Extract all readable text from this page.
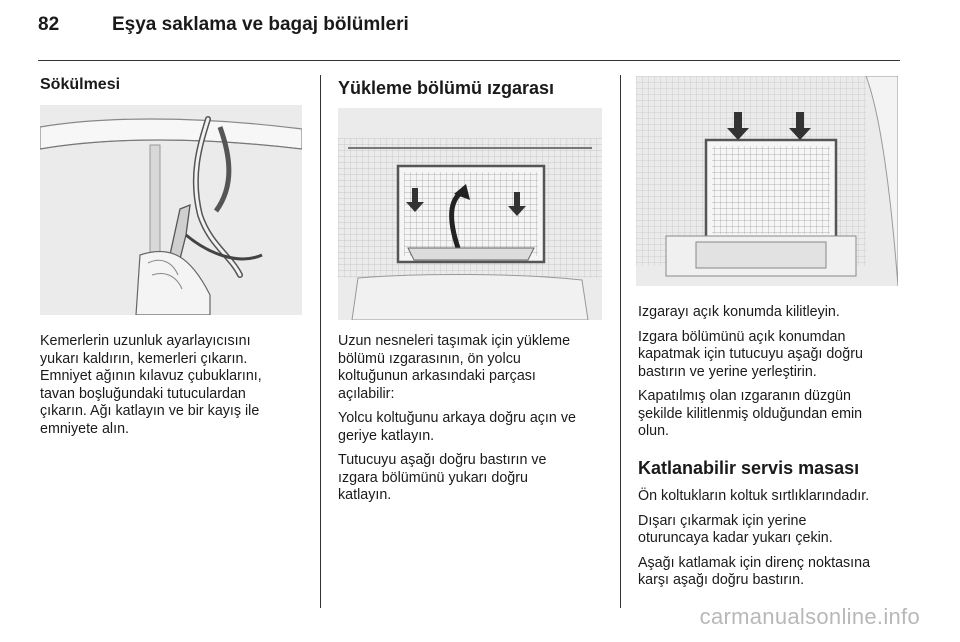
82	Eşya saklama ve bagaj bölümleri
Sökülmesi

Kemerlerin uzunluk ayarlayıcısını
yukarı kaldırın, kemerleri çıkarın.
Emniyet ağının kılavuz çubuklarını,
tavan boşluğundaki tutuculardan
çıkarın. Ağı katlayın ve bir kayış ile
emniyete alın.

Yükleme bölümü ızgarası

Uzun nesneleri taşımak için yükleme
bölümü ızgarasının, ön yolcu
koltuğunun arkasındaki parçası
açılabilir:

Yolcu koltuğunu arkaya doğru açın ve
geriye katlayın.

Tutucuyu aşağı doğru bastırın ve
ızgara bölümünü yukarı doğru
katlayın.

Izgarayı açık konumda kilitleyin.

Izgara bölümünü açık konumdan
kapatmak için tutucuyu aşağı doğru
bastırın ve yerine yerleştirin.

Kapatılmış olan ızgaranın düzgün
şekilde kilitlenmiş olduğundan emin
olun.

Katlanabilir servis masası

Ön koltukların koltuk sırtlıklarındadır.

Dışarı çıkarmak için yerine
oturuncaya kadar yukarı çekin.

Aşağı katlamak için direnç noktasına
karşı aşağı doğru bastırın.

carmanualsonline.info
